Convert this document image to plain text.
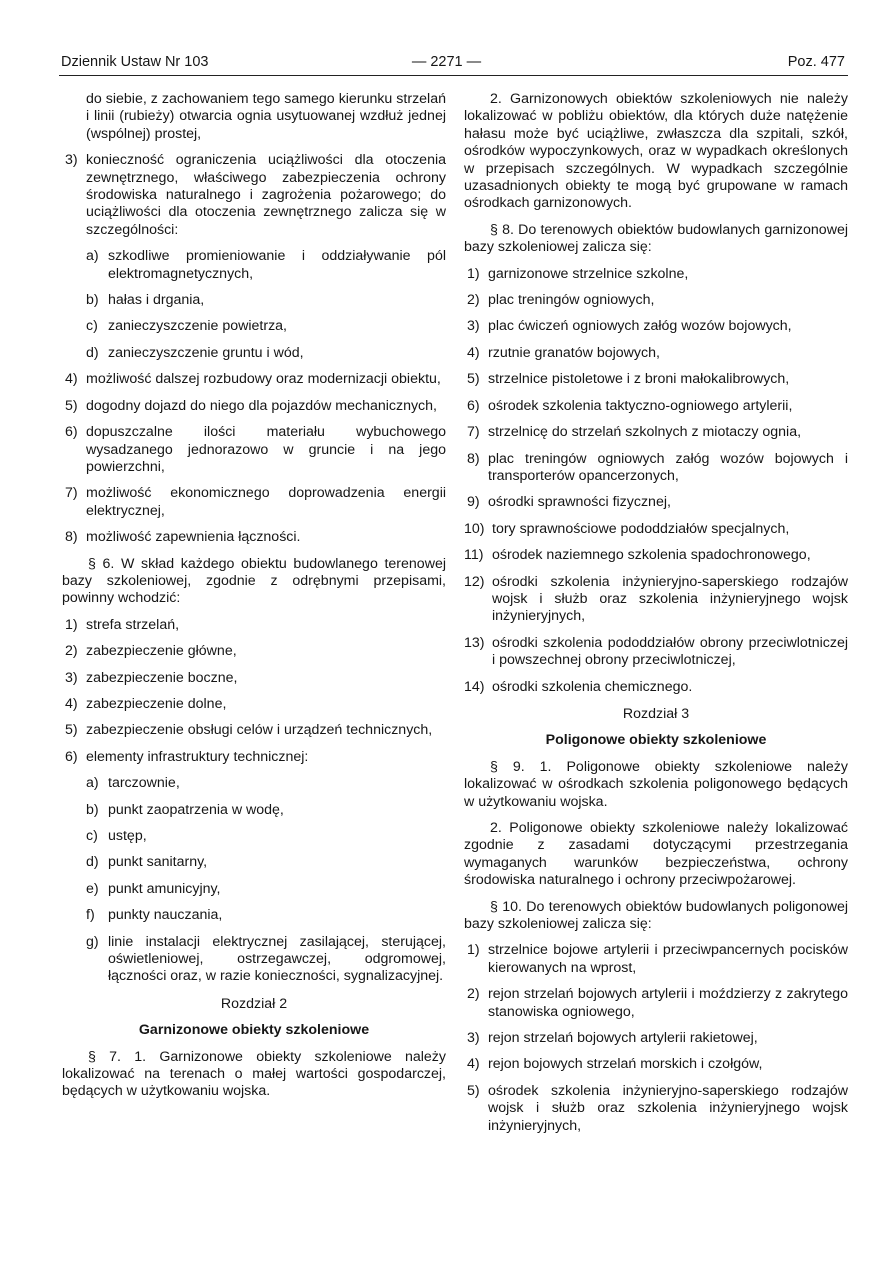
Dziennik Ustaw Nr 103	— 2271 —	Poz. 477
do siebie, z zachowaniem tego samego kierunku strzelań i linii (rubieży) otwarcia ognia usytuowanej wzdłuż jednej (wspólnej) prostej,
3) konieczność ograniczenia uciążliwości dla otoczenia zewnętrznego, właściwego zabezpieczenia ochrony środowiska naturalnego i zagrożenia pożarowego; do uciążliwości dla otoczenia zewnętrznego zalicza się w szczególności:
a) szkodliwe promieniowanie i oddziaływanie pól elektromagnetycznych,
b) hałas i drgania,
c) zanieczyszczenie powietrza,
d) zanieczyszczenie gruntu i wód,
4) możliwość dalszej rozbudowy oraz modernizacji obiektu,
5) dogodny dojazd do niego dla pojazdów mechanicznych,
6) dopuszczalne ilości materiału wybuchowego wysadzanego jednorazowo w gruncie i na jego powierzchni,
7) możliwość ekonomicznego doprowadzenia energii elektrycznej,
8) możliwość zapewnienia łączności.
§ 6. W skład każdego obiektu budowlanego terenowej bazy szkoleniowej, zgodnie z odrębnymi przepisami, powinny wchodzić:
1) strefa strzelań,
2) zabezpieczenie główne,
3) zabezpieczenie boczne,
4) zabezpieczenie dolne,
5) zabezpieczenie obsługi celów i urządzeń technicznych,
6) elementy infrastruktury technicznej:
a) tarczownie,
b) punkt zaopatrzenia w wodę,
c) ustęp,
d) punkt sanitarny,
e) punkt amunicyjny,
f) punkty nauczania,
g) linie instalacji elektrycznej zasilającej, sterującej, oświetleniowej, ostrzegawczej, odgromowej, łączności oraz, w razie konieczności, sygnalizacyjnej.
Rozdział 2
Garnizonowe obiekty szkoleniowe
§ 7. 1. Garnizonowe obiekty szkoleniowe należy lokalizować na terenach o małej wartości gospodarczej, będących w użytkowaniu wojska.
2. Garnizonowych obiektów szkoleniowych nie należy lokalizować w pobliżu obiektów, dla których duże natężenie hałasu może być uciążliwe, zwłaszcza dla szpitali, szkół, ośrodków wypoczynkowych, oraz w wypadkach określonych w przepisach szczególnych. W wypadkach szczególnie uzasadnionych obiekty te mogą być grupowane w ramach ośrodkach garnizonowych.
§ 8. Do terenowych obiektów budowlanych garnizonowej bazy szkoleniowej zalicza się:
1) garnizonowe strzelnice szkolne,
2) plac treningów ogniowych,
3) plac ćwiczeń ogniowych załóg wozów bojowych,
4) rzutnie granatów bojowych,
5) strzelnice pistoletowe i z broni małokalibrowych,
6) ośrodek szkolenia taktyczno-ogniowego artylerii,
7) strzelnicę do strzelań szkolnych z miotaczy ognia,
8) plac treningów ogniowych załóg wozów bojowych i transporterów opancerzonych,
9) ośrodki sprawności fizycznej,
10) tory sprawnościowe pododdziałów specjalnych,
11) ośrodek naziemnego szkolenia spadochronowego,
12) ośrodki szkolenia inżynieryjno-saperskiego rodzajów wojsk i służb oraz szkolenia inżynieryjnego wojsk inżynieryjnych,
13) ośrodki szkolenia pododdziałów obrony przeciwlotniczej i powszechnej obrony przeciwlotniczej,
14) ośrodki szkolenia chemicznego.
Rozdział 3
Poligonowe obiekty szkoleniowe
§ 9. 1. Poligonowe obiekty szkoleniowe należy lokalizować w ośrodkach szkolenia poligonowego będących w użytkowaniu wojska.
2. Poligonowe obiekty szkoleniowe należy lokalizować zgodnie z zasadami dotyczącymi przestrzegania wymaganych warunków bezpieczeństwa, ochrony środowiska naturalnego i ochrony przeciwpożarowej.
§ 10. Do terenowych obiektów budowlanych poligonowej bazy szkoleniowej zalicza się:
1) strzelnice bojowe artylerii i przeciwpancernych pocisków kierowanych na wprost,
2) rejon strzelań bojowych artylerii i moździerzy z zakrytego stanowiska ogniowego,
3) rejon strzelań bojowych artylerii rakietowej,
4) rejon bojowych strzelań morskich i czołgów,
5) ośrodek szkolenia inżynieryjno-saperskiego rodzajów wojsk i służb oraz szkolenia inżynieryjnego wojsk inżynieryjnych,
